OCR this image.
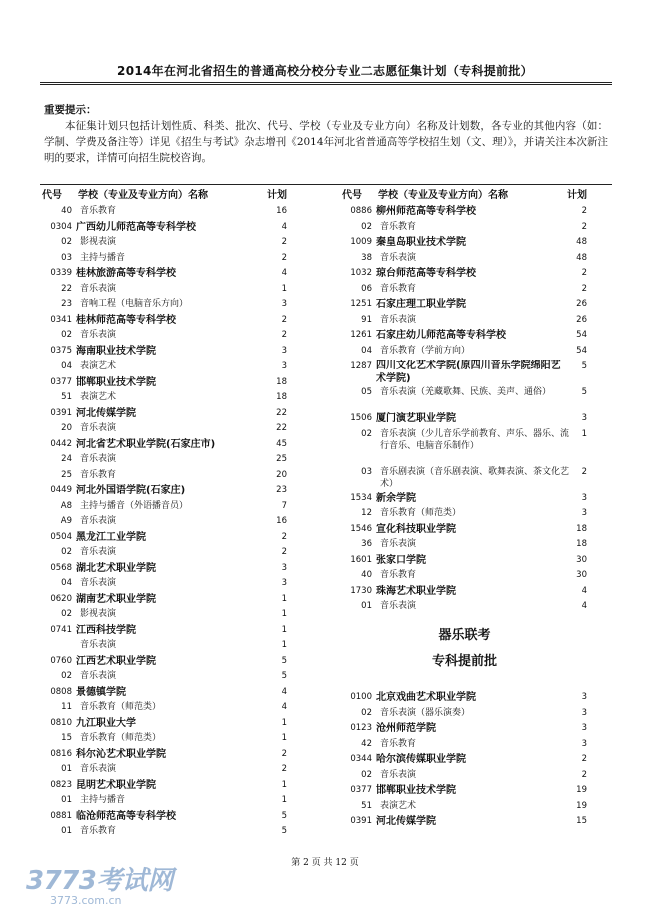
2014年在河北省招生的普通高校分校分专业二志愿征集计划（专科提前批）
重要提示：
本征集计划只包括计划性质、科类、批次、代号、学校（专业及专业方向）名称及计划数，各专业的其他内容（如：学制、学费及备注等）详见《招生与考试》杂志增刊《2014年河北省普通高等学校招生划（文、理）》，并请关注本次新注明的要求，详情可向招生院校咨询。
代号 学校（专业及专业方向）名称	计划
40 音乐教育	16
0304 广西幼儿师范高等专科学校	4
02 影视表演	2
03 主持与播音	2
0339 桂林旅游高等专科学校	4
22 音乐表演	1
23 音响工程（电脑音乐方向）	3
0341 桂林师范高等专科学校	2
02 音乐表演	2
0375 海南职业技术学院	3
04 表演艺术	3
0377 邯郸职业技术学院	18
51 表演艺术	18
0391 河北传媒学院	22
20 音乐表演	22
0442 河北省艺术职业学院(石家庄市)	45
24 音乐表演	25
25 音乐教育	20
0449 河北外国语学院(石家庄)	23
A8 主持与播音（外语播音员）	7
A9 音乐表演	16
0504 黑龙江工业学院	2
02 音乐表演	2
0568 湖北艺术职业学院	3
04 音乐表演	3
0620 湖南艺术职业学院	1
02 影视表演	1
0741 江西科技学院	1
音乐表演	1
0760 江西艺术职业学院	5
02 音乐表演	5
0808 景德镇学院	4
11 音乐教育（师范类）	4
0810 九江职业大学	1
15 音乐教育（师范类）	1
0816 科尔沁艺术职业学院	2
01 音乐表演	2
0823 昆明艺术职业学院	1
01 主持与播音	1
0881 临沧师范高等专科学校	5
01 音乐教育	5
代号 学校（专业及专业方向）名称	计划
0886 柳州师范高等专科学校	2
02 音乐教育	2
1009 秦皇岛职业技术学院	48
38 音乐表演	48
1032 琼台师范高等专科学校	2
06 音乐教育	2
1251 石家庄理工职业学院	26
91 音乐表演	26
1261 石家庄幼儿师范高等专科学校	54
04 音乐教育（学前方向）	54
1287 四川文化艺术学院(原四川音乐学院绵阳艺术学院)
5
05 音乐表演（羌藏歌舞、民族、美声、通俗）	5
1506 厦门演艺职业学院	3
02 音乐表演（少儿音乐学前教育、声乐、器乐、流行音乐、电脑音乐制作）
1
03 音乐剧表演（音乐剧表演、歌舞表演、茶文化艺术）
2
1534 新余学院	3
12 音乐教育（师范类）	3
1546 宣化科技职业学院	18
36 音乐表演	18
1601 张家口学院	30
40 音乐教育	30
1730 珠海艺术职业学院	4
01 音乐表演	4
器乐联考
专科提前批
0100 北京戏曲艺术职业学院	3
02 音乐表演（器乐演奏）	3
0123 沧州师范学院	3
42 音乐教育	3
0344 哈尔滨传媒职业学院	2
02 音乐表演	2
0377 邯郸职业技术学院	19
51 表演艺术	19
0391 河北传媒学院	15
第 2 页 共 12 页
3773考试网
3773.com.cn
